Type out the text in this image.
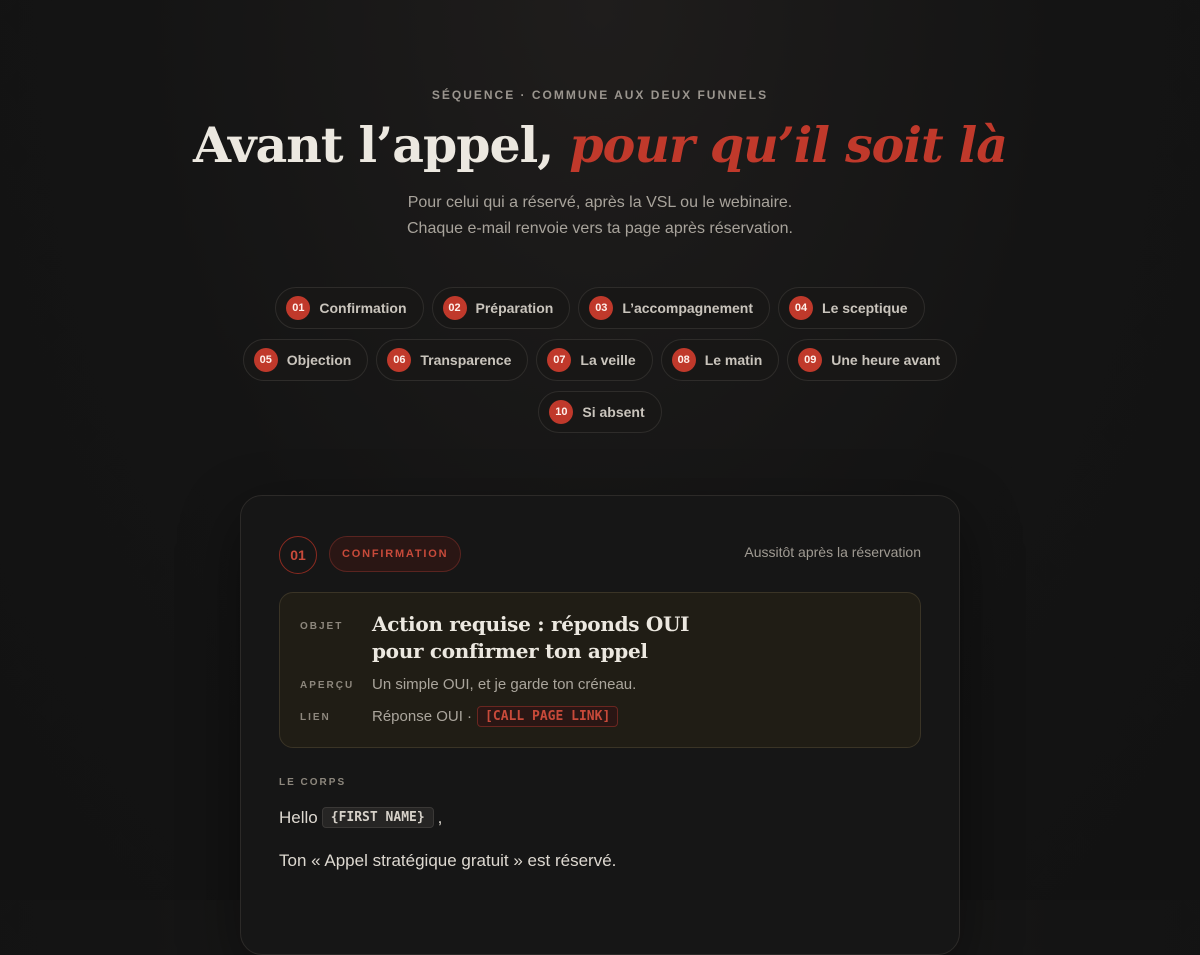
SÉQUENCE · COMMUNE AUX DEUX FUNNELS
Avant l’appel, pour qu’il soit là
Pour celui qui a réservé, après la VSL ou le webinaire.
Chaque e-mail renvoie vers ta page après réservation.
01	Confirmation	02	Préparation	03	L’accompagnement	04	Le sceptique
05	Objection	06	Transparence	07	La veille	08	Le matin	09	Une heure avant
10	Si absent
01	CONFIRMATION	Aussitôt après la réservation
OBJET Action requise : réponds OUI pour confirmer ton appel
APERÇU Un simple OUI, et je garde ton créneau.
LIEN	Réponse OUI ·	[CALL PAGE LINK]
LE CORPS
Hello	{FIRST NAME} ,
Ton « Appel stratégique gratuit » est réservé.
